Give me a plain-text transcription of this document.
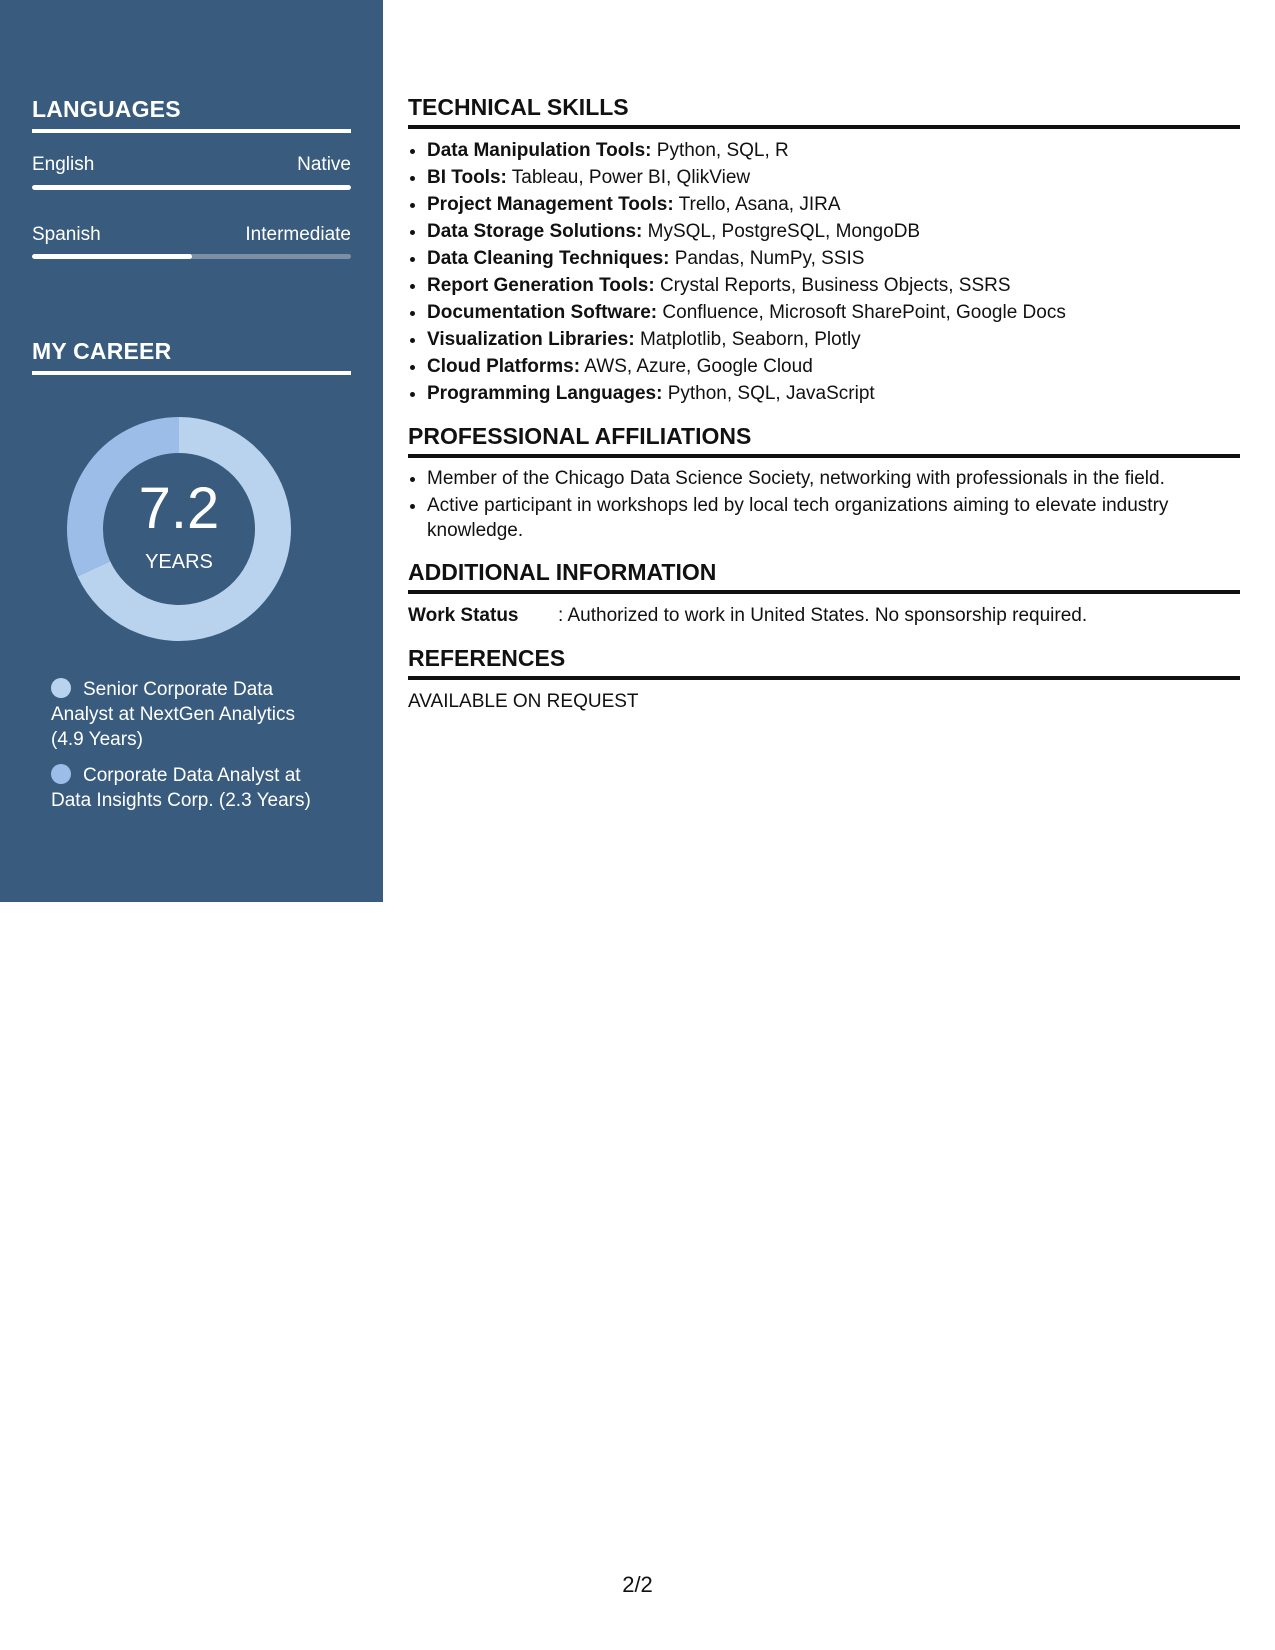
LANGUAGES
English	Native
Spanish	Intermediate
MY CAREER
7.2
YEARS
Senior Corporate Data Analyst at NextGen Analytics (4.9 Years)
Corporate Data Analyst at Data Insights Corp. (2.3 Years)
TECHNICAL SKILLS
• Data Manipulation Tools: Python, SQL, R
• BI Tools: Tableau, Power BI, QlikView
• Project Management Tools: Trello, Asana, JIRA
• Data Storage Solutions: MySQL, PostgreSQL, MongoDB
• Data Cleaning Techniques: Pandas, NumPy, SSIS
• Report Generation Tools: Crystal Reports, Business Objects, SSRS
• Documentation Software: Confluence, Microsoft SharePoint, Google Docs
• Visualization Libraries: Matplotlib, Seaborn, Plotly
• Cloud Platforms: AWS, Azure, Google Cloud
• Programming Languages: Python, SQL, JavaScript
PROFESSIONAL AFFILIATIONS
• Member of the Chicago Data Science Society, networking with professionals in the field.
• Active participant in workshops led by local tech organizations aiming to elevate industry knowledge.
ADDITIONAL INFORMATION
Work Status	: Authorized to work in United States. No sponsorship required.
REFERENCES
AVAILABLE ON REQUEST
2/2
